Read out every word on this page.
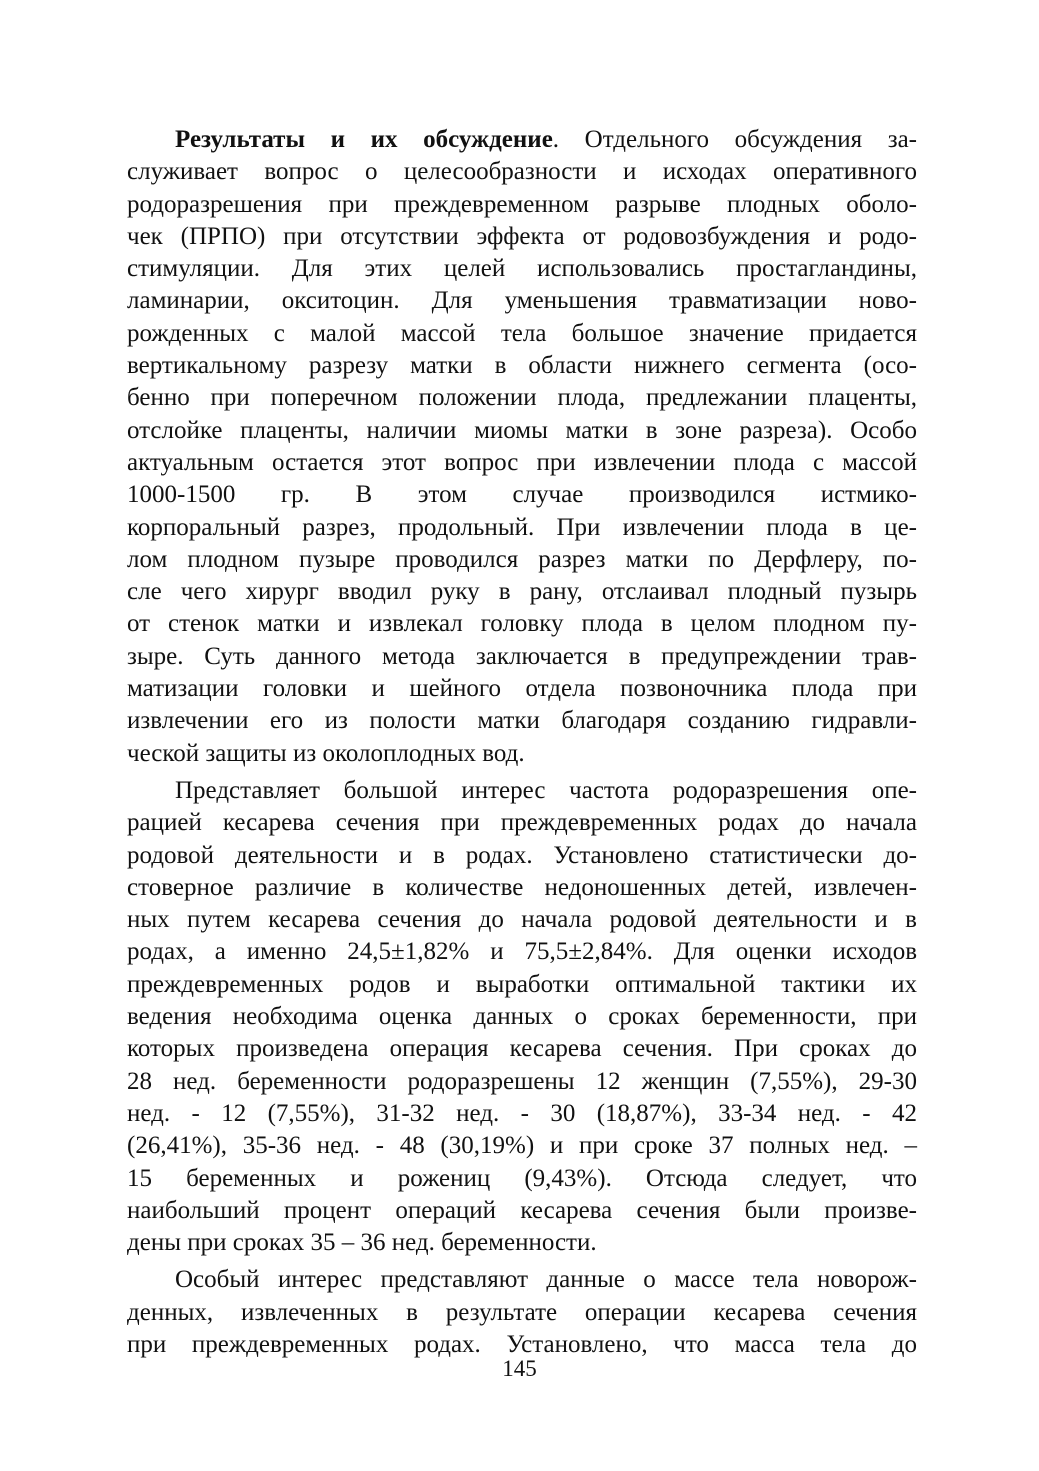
Результаты и их обсуждение. Отдельного обсуждения за-
служивает вопрос о целесообразности и исходах оперативного
родоразрешения при преждевременном разрыве плодных оболо-
чек (ПРПО) при отсутствии эффекта от родовозбуждения и родо-
стимуляции. Для этих целей использовались простагландины,
ламинарии, окситоцин. Для уменьшения травматизации ново-
рожденных с малой массой тела большое значение придается
вертикальному разрезу матки в области нижнего сегмента (осо-
бенно при поперечном положении плода, предлежании плаценты,
отслойке плаценты, наличии миомы матки в зоне разреза). Особо
актуальным остается этот вопрос при извлечении плода с массой
1000-1500 гр. В этом случае производился истмико-
корпоральный разрез, продольный. При извлечении плода в це-
лом плодном пузыре проводился разрез матки по Дерфлеру, по-
сле чего хирург вводил руку в рану, отслаивал плодный пузырь
от стенок матки и извлекал головку плода в целом плодном пу-
зыре. Суть данного метода заключается в предупреждении трав-
матизации головки и шейного отдела позвоночника плода при
извлечении его из полости матки благодаря созданию гидравли-
ческой защиты из околоплодных вод.
Представляет большой интерес частота родоразрешения опе-
рацией кесарева сечения при преждевременных родах до начала
родовой деятельности и в родах. Установлено статистически до-
стоверное различие в количестве недоношенных детей, извлечен-
ных путем кесарева сечения до начала родовой деятельности и в
родах, а именно 24,5±1,82% и 75,5±2,84%. Для оценки исходов
преждевременных родов и выработки оптимальной тактики их
ведения необходима оценка данных о сроках беременности, при
которых произведена операция кесарева сечения. При сроках до
28 нед. беременности родоразрешены 12 женщин (7,55%), 29-30
нед. - 12 (7,55%), 31-32 нед. - 30 (18,87%), 33-34 нед. - 42
(26,41%), 35-36 нед. - 48 (30,19%) и при сроке 37 полных нед. –
15 беременных и рожениц (9,43%). Отсюда следует, что
наибольший процент операций кесарева сечения были произве-
дены при сроках 35 – 36 нед. беременности.
Особый интерес представляют данные о массе тела новорож-
денных, извлеченных в результате операции кесарева сечения
при преждевременных родах. Установлено, что масса тела до
145
